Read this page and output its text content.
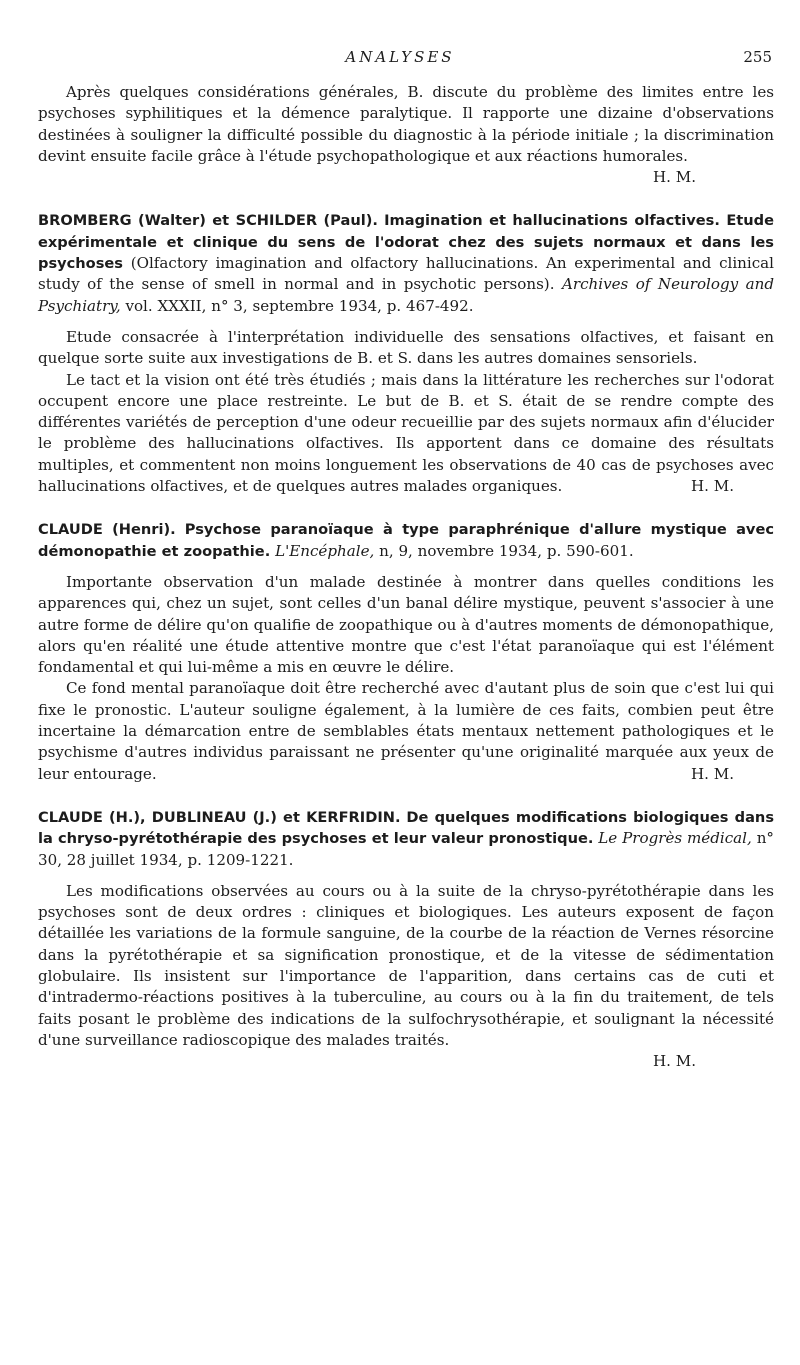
ANALYSES	255

Après quelques considérations générales, B. discute du problème des limites entre les psychoses syphilitiques et la démence paralytique. Il rapporte une dizaine d'observations destinées à souligner la difficulté possible du diagnostic à la période initiale ; la discrimination devint ensuite facile grâce à l'étude psychopathologique et aux réactions humorales.

H. M.

BROMBERG (Walter) et SCHILDER (Paul). Imagination et hallucinations olfactives. Etude expérimentale et clinique du sens de l'odorat chez des sujets normaux et dans les psychoses (Olfactory imagination and olfactory hallucinations. An experimental and clinical study of the sense of smell in normal and in psychotic persons). Archives of Neurology and Psychiatry, vol. XXXII, n° 3, septembre 1934, p. 467-492.

Etude consacrée à l'interprétation individuelle des sensations olfactives, et faisant en quelque sorte suite aux investigations de B. et S. dans les autres domaines sensoriels.

Le tact et la vision ont été très étudiés ; mais dans la littérature les recherches sur l'odorat occupent encore une place restreinte. Le but de B. et S. était de se rendre compte des différentes variétés de perception d'une odeur recueillie par des sujets normaux afin d'élucider le problème des hallucinations olfactives. Ils apportent dans ce domaine des résultats multiples, et commentent non moins longuement les observations de 40 cas de psychoses avec hallucinations olfactives, et de quelques autres malades organiques.	H. M.

CLAUDE (Henri). Psychose paranoïaque à type paraphrénique d'allure mystique avec démonopathie et zoopathie. L'Encéphale, n, 9, novembre 1934, p. 590-601.

Importante observation d'un malade destinée à montrer dans quelles conditions les apparences qui, chez un sujet, sont celles d'un banal délire mystique, peuvent s'associer à une autre forme de délire qu'on qualifie de zoopathique ou à d'autres moments de démonopathique, alors qu'en réalité une étude attentive montre que c'est l'état paranoïaque qui est l'élément fondamental et qui lui-même a mis en œuvre le délire.

Ce fond mental paranoïaque doit être recherché avec d'autant plus de soin que c'est lui qui fixe le pronostic. L'auteur souligne également, à la lumière de ces faits, combien peut être incertaine la démarcation entre de semblables états mentaux nettement pathologiques et le psychisme d'autres individus paraissant ne présenter qu'une originalité marquée aux yeux de leur entourage.	H. M.

CLAUDE (H.), DUBLINEAU (J.) et KERFRIDIN. De quelques modifications biologiques dans la chryso-pyrétothérapie des psychoses et leur valeur pronostique. Le Progrès médical, n° 30, 28 juillet 1934, p. 1209-1221.

Les modifications observées au cours ou à la suite de la chryso-pyrétothérapie dans les psychoses sont de deux ordres : cliniques et biologiques. Les auteurs exposent de façon détaillée les variations de la formule sanguine, de la courbe de la réaction de Vernes résorcine dans la pyrétothérapie et sa signification pronostique, et de la vitesse de sédimentation globulaire. Ils insistent sur l'importance de l'apparition, dans certains cas de cuti et d'intradermo-réactions positives à la tuberculine, au cours ou à la fin du traitement, de tels faits posant le problème des indications de la sulfochrysothérapie, et soulignant la nécessité d'une surveillance radioscopique des malades traités.

H. M.
